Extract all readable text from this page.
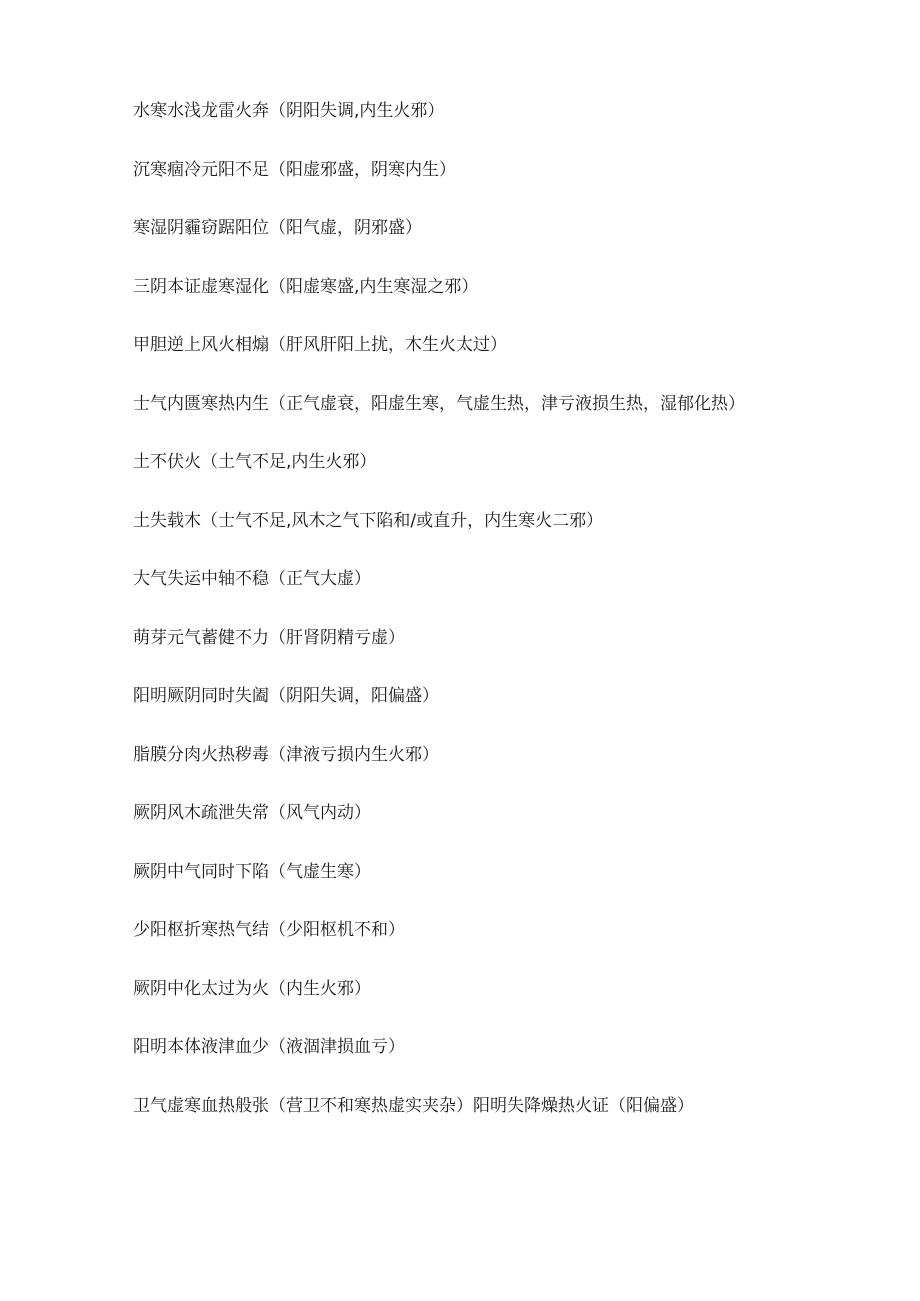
水寒水浅龙雷火奔（阴阳失调,内生火邪）
沉寒痼冷元阳不足（阳虚邪盛，阴寒内生）
寒湿阴霾窃踞阳位（阳气虚，阴邪盛）
三阴本证虚寒湿化（阳虚寒盛,内生寒湿之邪）
甲胆逆上风火相煽（肝风肝阳上扰，木生火太过）
士气内匮寒热内生（正气虚衰，阳虚生寒，气虚生热，津亏液损生热，湿郁化热）
土不伏火（土气不足,内生火邪）
土失载木（士气不足,风木之气下陷和/或直升，内生寒火二邪）
大气失运中轴不稳（正气大虚）
萌芽元气蓄健不力（肝肾阴精亏虚）
阳明厥阴同时失阖（阴阳失调，阳偏盛）
脂膜分肉火热秽毒（津液亏损内生火邪）
厥阴风木疏泄失常（风气内动）
厥阴中气同时下陷（气虚生寒）
少阳枢折寒热气结（少阳枢机不和）
厥阴中化太过为火（内生火邪）
阳明本体液津血少（液涸津损血亏）
卫气虚寒血热般张（营卫不和寒热虚实夹杂）阳明失降燥热火证（阳偏盛）
